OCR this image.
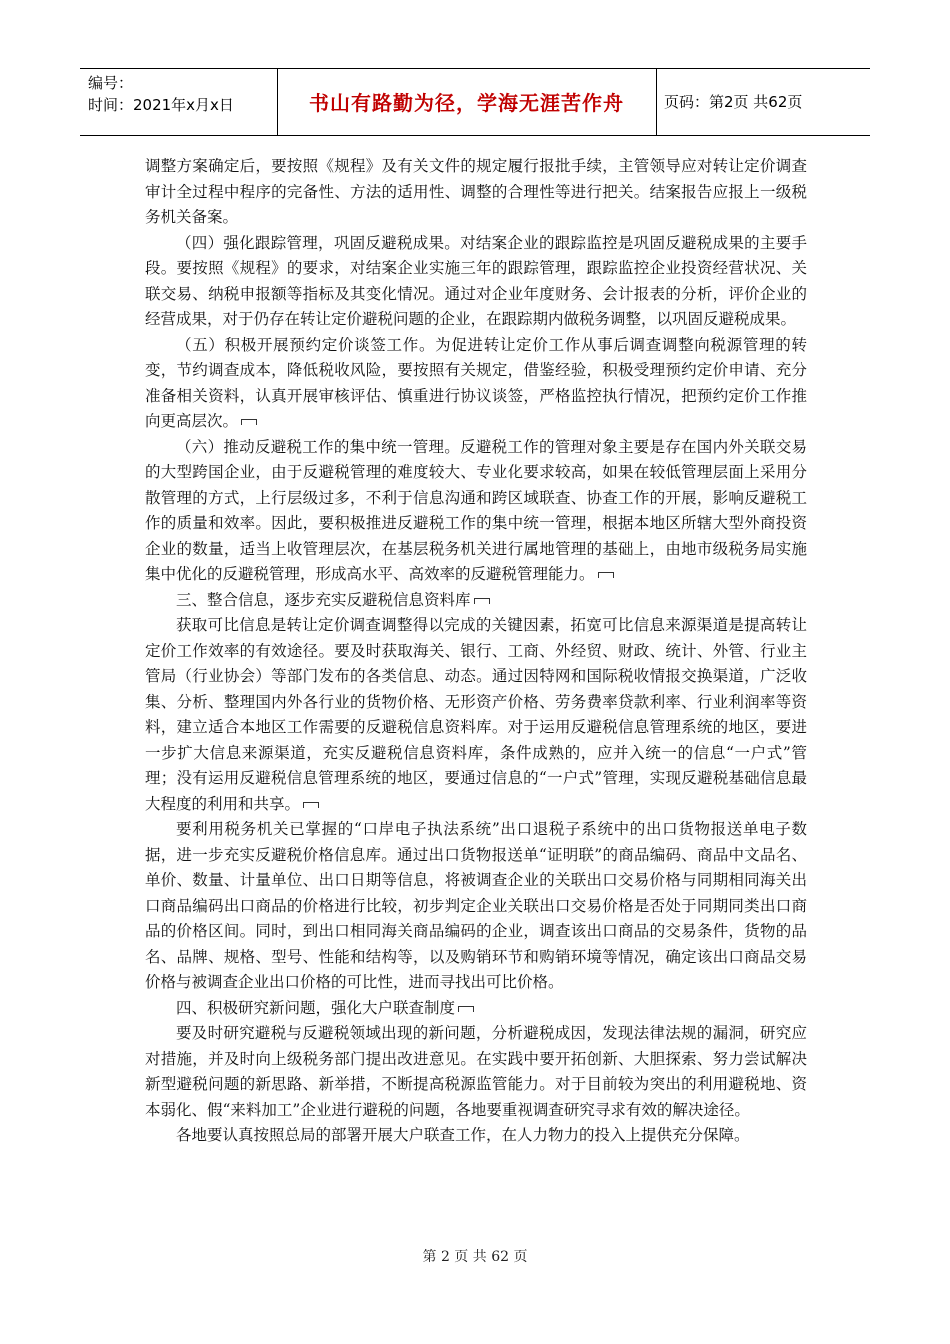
编号：
时间：2021年x月x日	书山有路勤为径，学海无涯苦作舟	页码：第2页 共62页

调整方案确定后，要按照《规程》及有关文件的规定履行报批手续，主管领导应对转让定价调查审计全过程中程序的完备性、方法的适用性、调整的合理性等进行把关。结案报告应报上一级税务机关备案。

（四）强化跟踪管理，巩固反避税成果。对结案企业的跟踪监控是巩固反避税成果的主要手段。要按照《规程》的要求，对结案企业实施三年的跟踪管理，跟踪监控企业投资经营状况、关联交易、纳税申报额等指标及其变化情况。通过对企业年度财务、会计报表的分析，评价企业的经营成果，对于仍存在转让定价避税问题的企业，在跟踪期内做税务调整，以巩固反避税成果。

（五）积极开展预约定价谈签工作。为促进转让定价工作从事后调查调整向税源管理的转变，节约调查成本，降低税收风险，要按照有关规定，借鉴经验，积极受理预约定价申请、充分准备相关资料，认真开展审核评估、慎重进行协议谈签，严格监控执行情况，把预约定价工作推向更高层次。

（六）推动反避税工作的集中统一管理。反避税工作的管理对象主要是存在国内外关联交易的大型跨国企业，由于反避税管理的难度较大、专业化要求较高，如果在较低管理层面上采用分散管理的方式，上行层级过多，不利于信息沟通和跨区域联查、协查工作的开展，影响反避税工作的质量和效率。因此，要积极推进反避税工作的集中统一管理，根据本地区所辖大型外商投资企业的数量，适当上收管理层次，在基层税务机关进行属地管理的基础上，由地市级税务局实施集中优化的反避税管理，形成高水平、高效率的反避税管理能力。

三、整合信息，逐步充实反避税信息资料库

获取可比信息是转让定价调查调整得以完成的关键因素，拓宽可比信息来源渠道是提高转让定价工作效率的有效途径。要及时获取海关、银行、工商、外经贸、财政、统计、外管、行业主管局（行业协会）等部门发布的各类信息、动态。通过因特网和国际税收情报交换渠道，广泛收集、分析、整理国内外各行业的货物价格、无形资产价格、劳务费率贷款利率、行业利润率等资料，建立适合本地区工作需要的反避税信息资料库。对于运用反避税信息管理系统的地区，要进一步扩大信息来源渠道，充实反避税信息资料库，条件成熟的，应并入统一的信息“一户式”管理；没有运用反避税信息管理系统的地区，要通过信息的“一户式”管理，实现反避税基础信息最大程度的利用和共享。

要利用税务机关已掌握的“口岸电子执法系统”出口退税子系统中的出口货物报送单电子数据，进一步充实反避税价格信息库。通过出口货物报送单“证明联”的商品编码、商品中文品名、单价、数量、计量单位、出口日期等信息，将被调查企业的关联出口交易价格与同期相同海关出口商品编码出口商品的价格进行比较，初步判定企业关联出口交易价格是否处于同期同类出口商品的价格区间。同时，到出口相同海关商品编码的企业，调查该出口商品的交易条件，货物的品名、品牌、规格、型号、性能和结构等，以及购销环节和购销环境等情况，确定该出口商品交易价格与被调查企业出口价格的可比性，进而寻找出可比价格。

四、积极研究新问题，强化大户联查制度

要及时研究避税与反避税领域出现的新问题，分析避税成因，发现法律法规的漏洞，研究应对措施，并及时向上级税务部门提出改进意见。在实践中要开拓创新、大胆探索、努力尝试解决新型避税问题的新思路、新举措，不断提高税源监管能力。对于目前较为突出的利用避税地、资本弱化、假“来料加工”企业进行避税的问题，各地要重视调查研究寻求有效的解决途径。

各地要认真按照总局的部署开展大户联查工作，在人力物力的投入上提供充分保障。

第 2 页 共 62 页
